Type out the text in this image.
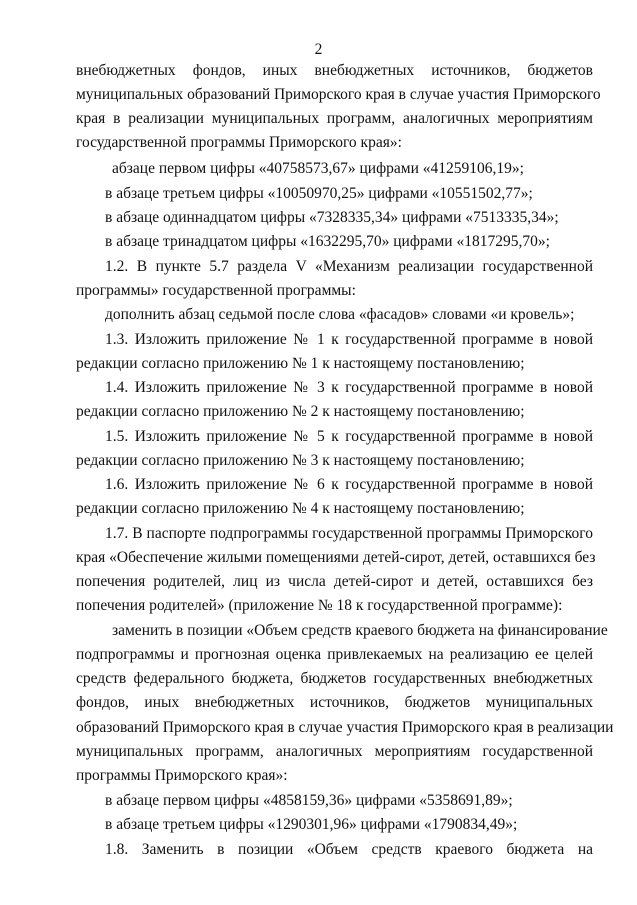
2
внебюджетных фондов, иных внебюджетных источников, бюджетов
муниципальных образований Приморского края в случае участия Приморского
края в реализации муниципальных программ, аналогичных мероприятиям
государственной программы Приморского края»:
абзаце первом цифры «40758573,67» цифрами «41259106,19»;
в абзаце третьем цифры «10050970,25» цифрами «10551502,77»;
в абзаце одиннадцатом цифры «7328335,34» цифрами «7513335,34»;
в абзаце тринадцатом цифры «1632295,70» цифрами «1817295,70»;
1.2. В пункте 5.7 раздела V «Механизм реализации государственной
программы» государственной программы:
дополнить абзац седьмой после слова «фасадов» словами «и кровель»;
1.3. Изложить приложение № 1 к государственной программе в новой
редакции согласно приложению № 1 к настоящему постановлению;
1.4. Изложить приложение № 3 к государственной программе в новой
редакции согласно приложению № 2 к настоящему постановлению;
1.5. Изложить приложение № 5 к государственной программе в новой
редакции согласно приложению № 3 к настоящему постановлению;
1.6. Изложить приложение № 6 к государственной программе в новой
редакции согласно приложению № 4 к настоящему постановлению;
1.7. В паспорте подпрограммы государственной программы Приморского
края «Обеспечение жилыми помещениями детей-сирот, детей, оставшихся без
попечения родителей, лиц из числа детей-сирот и детей, оставшихся без
попечения родителей» (приложение № 18 к государственной программе):
заменить в позиции «Объем средств краевого бюджета на финансирование
подпрограммы и прогнозная оценка привлекаемых на реализацию ее целей
средств федерального бюджета, бюджетов государственных внебюджетных
фондов, иных внебюджетных источников, бюджетов муниципальных
образований Приморского края в случае участия Приморского края в реализации
муниципальных программ, аналогичных мероприятиям государственной
программы Приморского края»:
в абзаце первом цифры «4858159,36» цифрами «5358691,89»;
в абзаце третьем цифры «1290301,96» цифрами «1790834,49»;
1.8. Заменить в позиции «Объем средств краевого бюджета на
